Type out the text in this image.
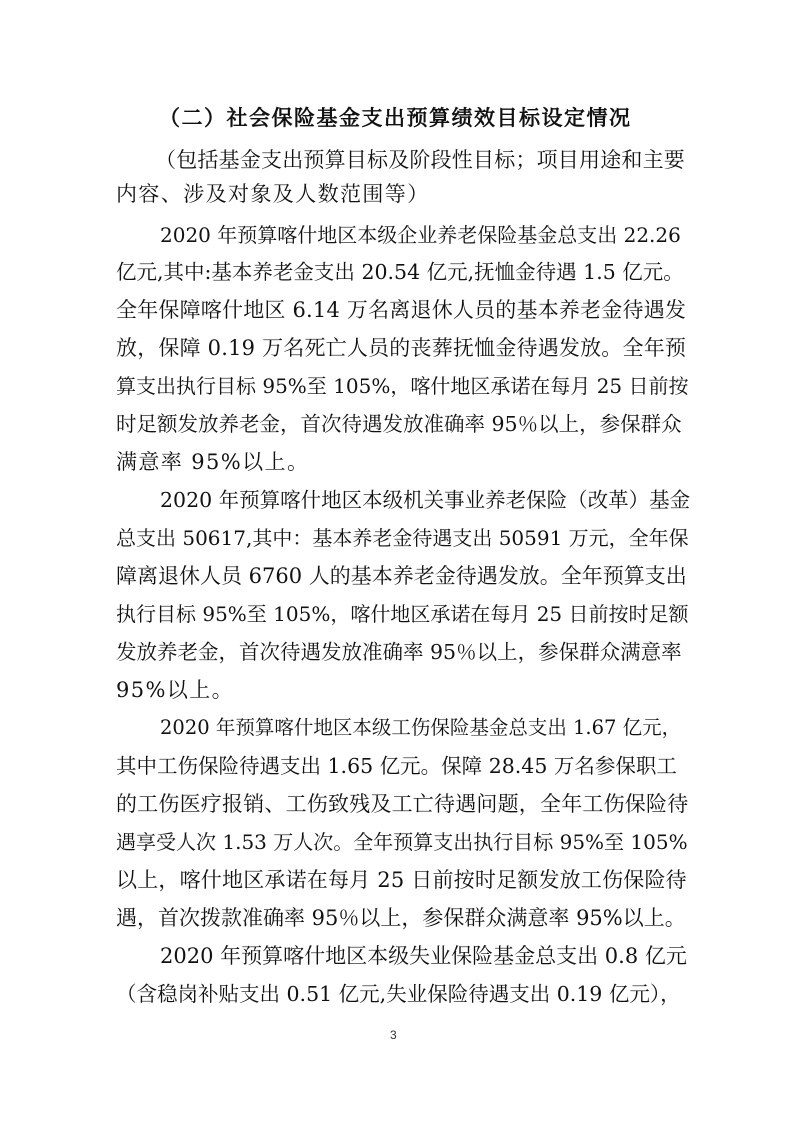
（二）社会保险基金支出预算绩效目标设定情况
（包括基金支出预算目标及阶段性目标；项目用途和主要
内容、涉及对象及人数范围等）
2020 年预算喀什地区本级企业养老保险基金总支出 22.26
亿元,其中:基本养老金支出 20.54 亿元,抚恤金待遇 1.5 亿元。
全年保障喀什地区 6.14 万名离退休人员的基本养老金待遇发
放，保障 0.19 万名死亡人员的丧葬抚恤金待遇发放。全年预
算支出执行目标 95%至 105%，喀什地区承诺在每月 25 日前按
时足额发放养老金，首次待遇发放准确率 95％以上，参保群众
满意率 95%以上。
2020 年预算喀什地区本级机关事业养老保险（改革）基金
总支出 50617,其中：基本养老金待遇支出 50591 万元，全年保
障离退休人员 6760 人的基本养老金待遇发放。全年预算支出
执行目标 95%至 105%，喀什地区承诺在每月 25 日前按时足额
发放养老金，首次待遇发放准确率 95％以上，参保群众满意率
95%以上。
2020 年预算喀什地区本级工伤保险基金总支出 1.67 亿元，
其中工伤保险待遇支出 1.65 亿元。保障 28.45 万名参保职工
的工伤医疗报销、工伤致残及工亡待遇问题，全年工伤保险待
遇享受人次 1.53 万人次。全年预算支出执行目标 95%至 105%
以上，喀什地区承诺在每月 25 日前按时足额发放工伤保险待
遇，首次拨款准确率 95％以上，参保群众满意率 95%以上。
2020 年预算喀什地区本级失业保险基金总支出 0.8 亿元
（含稳岗补贴支出 0.51 亿元,失业保险待遇支出 0.19 亿元），
3
